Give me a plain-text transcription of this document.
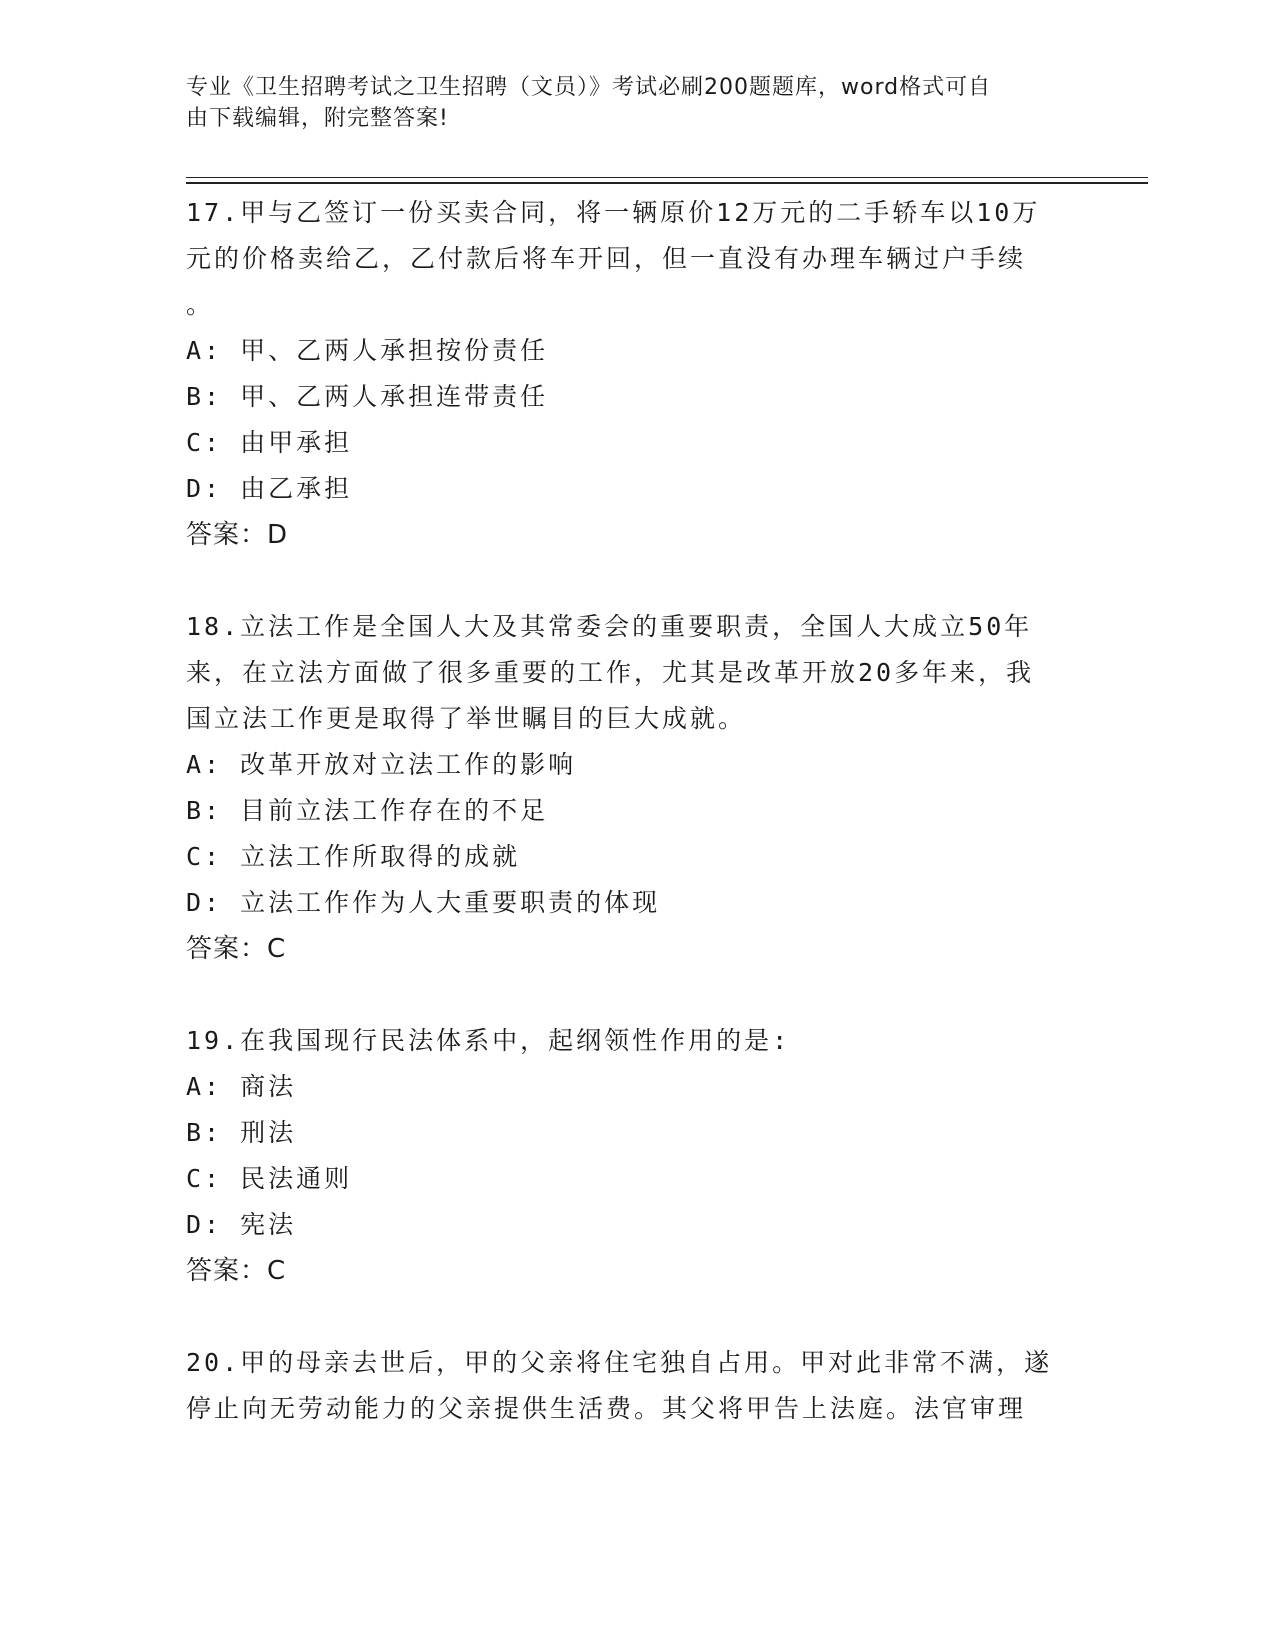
专业《卫生招聘考试之卫生招聘（文员）》考试必刷200题题库，word格式可自
由下载编辑，附完整答案!

17.甲与乙签订一份买卖合同，将一辆原价12万元的二手轿车以10万

元的价格卖给乙，乙付款后将车开回，但一直没有办理车辆过户手续

。

A: 甲、乙两人承担按份责任

B: 甲、乙两人承担连带责任

C: 由甲承担

D: 由乙承担

答案：D

18.立法工作是全国人大及其常委会的重要职责，全国人大成立50年

来，在立法方面做了很多重要的工作，尤其是改革开放20多年来，我

国立法工作更是取得了举世瞩目的巨大成就。

A: 改革开放对立法工作的影响

B: 目前立法工作存在的不足

C: 立法工作所取得的成就

D: 立法工作作为人大重要职责的体现

答案：C

19.在我国现行民法体系中，起纲领性作用的是:

A: 商法

B: 刑法

C: 民法通则

D: 宪法

答案：C

20.甲的母亲去世后，甲的父亲将住宅独自占用。甲对此非常不满，遂

停止向无劳动能力的父亲提供生活费。其父将甲告上法庭。法官审理
